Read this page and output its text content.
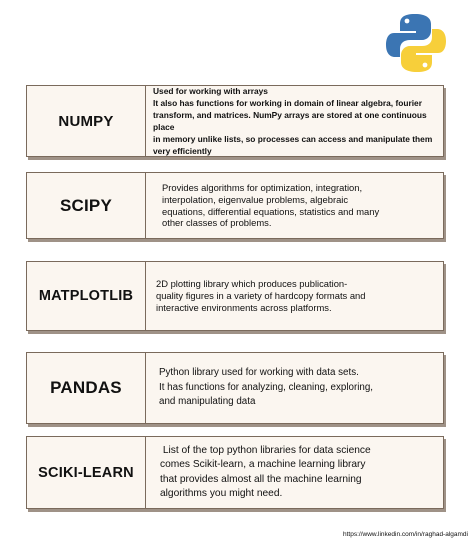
NUMPY
Used for working with arrays
It also has functions for working in domain of linear algebra, fourier
transform, and matrices. NumPy arrays are stored at one continuous place
in memory unlike lists, so processes can access and manipulate them
very efficiently
SCIPY
Provides algorithms for optimization, integration,
interpolation, eigenvalue problems, algebraic
equations, differential equations, statistics and many
other classes of problems.
MATPLOTLIB
2D plotting library which produces publication-
quality figures in a variety of hardcopy formats and
interactive environments across platforms.
PANDAS
Python library used for working with data sets.
It has functions for analyzing, cleaning, exploring,
and manipulating data
SCIKI-LEARN
List of the top python libraries for data science
comes Scikit-learn, a machine learning library
that provides almost all the machine learning
algorithms you might need.
https://www.linkedin.com/in/raghad-algamdi
